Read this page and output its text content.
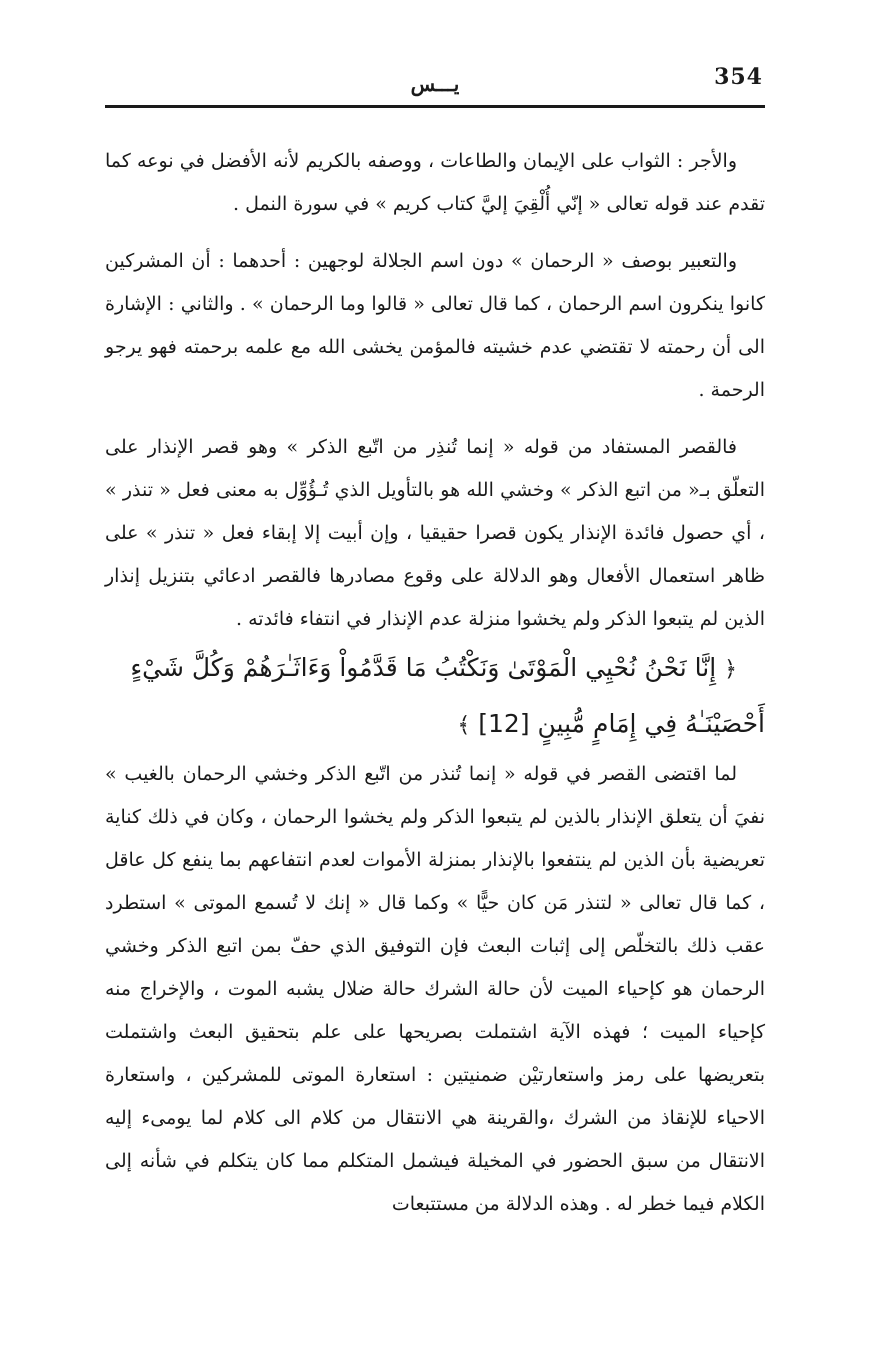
354
يـــس

والأجر : الثواب على الإيمان والطاعات ، ووصفه بالكريم لأنه الأفضل في نوعه كما تقدم عند قوله تعالى « إنّي أُلْقِيَ إليَّ كتاب كريم » في سورة النمل .

والتعبير بوصف « الرحمان » دون اسم الجلالة لوجهين : أحدهما : أن المشركين كانوا ينكرون اسم الرحمان ، كما قال تعالى « قالوا وما الرحمان » . والثاني : الإشارة الى أن رحمته لا تقتضي عدم خشيته فالمؤمن يخشى الله مع علمه برحمته فهو يرجو الرحمة .

فالقصر المستفاد من قوله « إنما تُنذِر من اتّبع الذكر » وهو قصر الإنذار على التعلّق بـ« من اتبع الذكر » وخشي الله هو بالتأويل الذي تُـؤُوِّل به معنى فعل « تنذر » ، أي حصول فائدة الإنذار يكون قصرا حقيقيا ، وإن أبيت إلا إبقاء فعل « تنذر » على ظاهر استعمال الأفعال وهو الدلالة على وقوع مصادرها فالقصر ادعائي بتنزيل إنذار الذين لم يتبعوا الذكر ولم يخشوا منزلة عدم الإنذار في انتفاء فائدته .

﴿ إِنَّا نَحْنُ نُحْيِي الْمَوْتَىٰ وَنَكْتُبُ مَا قَدَّمُواْ وَءَاثَـٰرَهُمْ وَكُلَّ شَيْءٍ أَحْصَيْنَـٰهُ فِي إِمَامٍ مُّبِينٍ [12] ﴾

لما اقتضى القصر في قوله « إنما تُنذر من اتّبع الذكر وخشي الرحمان بالغيب » نفيَ أن يتعلق الإنذار بالذين لم يتبعوا الذكر ولم يخشوا الرحمان ، وكان في ذلك كناية تعريضية بأن الذين لم ينتفعوا بالإنذار بمنزلة الأموات لعدم انتفاعهم بما ينفع كل عاقل ، كما قال تعالى « لتنذر مَن كان حيًّا » وكما قال « إنك لا تُسمع الموتى » استطرد عقب ذلك بالتخلّص إلى إثبات البعث فإن التوفيق الذي حفّ بمن اتبع الذكر وخشي الرحمان هو كإحياء الميت لأن حالة الشرك حالة ضلال يشبه الموت ، والإخراج منه كإحياء الميت ؛ فهذه الآية اشتملت بصريحها على علم بتحقيق البعث واشتملت بتعريضها على رمز واستعارتيْن ضمنيتين : استعارة الموتى للمشركين ، واستعارة الاحياء للإنقاذ من الشرك ،والقرينة هي الانتقال من كلام الى كلام لما يومىء إليه الانتقال من سبق الحضور في المخيلة فيشمل المتكلم مما كان يتكلم في شأنه إلى الكلام فيما خطر له . وهذه الدلالة من مستتبعات
